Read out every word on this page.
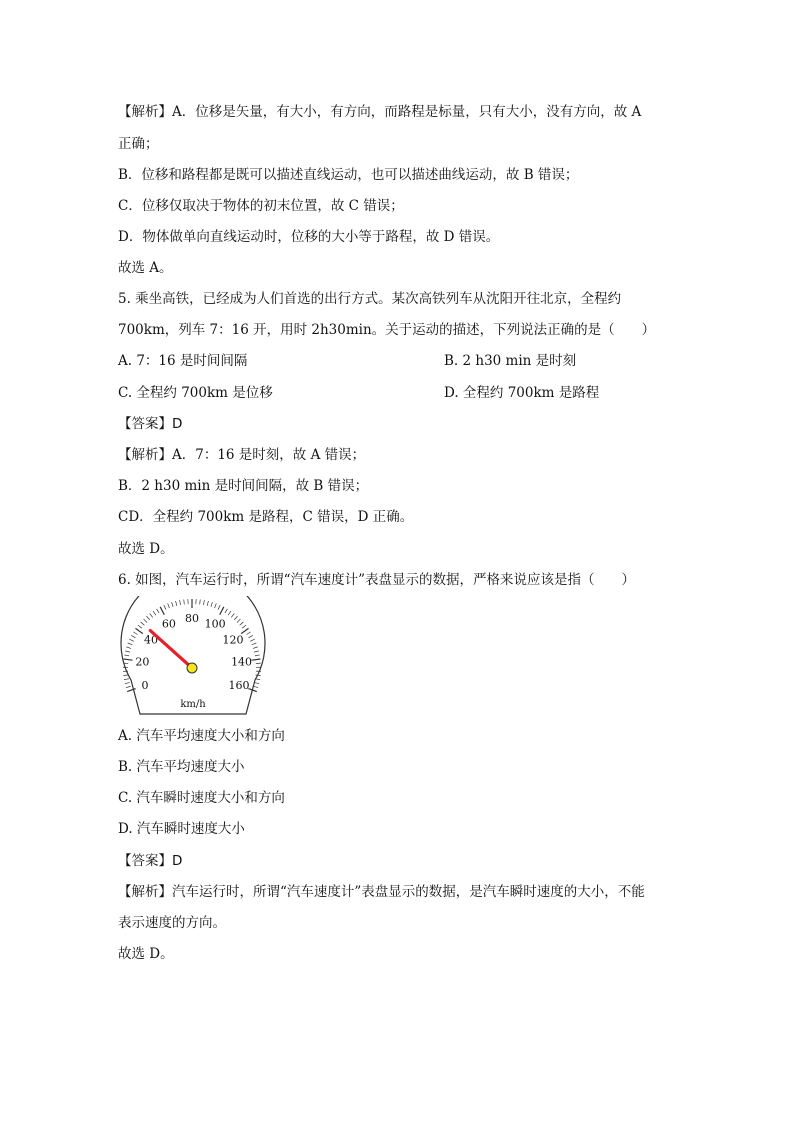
【解析】A．位移是矢量，有大小，有方向，而路程是标量，只有大小，没有方向，故 A
正确；
B．位移和路程都是既可以描述直线运动，也可以描述曲线运动，故 B 错误；
C．位移仅取决于物体的初末位置，故 C 错误；
D．物体做单向直线运动时，位移的大小等于路程，故 D 错误。
故选 A。
5. 乘坐高铁，已经成为人们首选的出行方式。某次高铁列车从沈阳开往北京，全程约
700km，列车 7：16 开，用时 2h30min。关于运动的描述，下列说法正确的是（　　）
A. 7：16 是时间间隔	B. 2 h30 min 是时刻
C. 全程约 700km 是位移	D. 全程约 700km 是路程
【答案】D
【解析】A．7：16 是时刻，故 A 错误；
B．2 h30 min 是时间间隔，故 B 错误；
CD．全程约 700km 是路程，C 错误，D 正确。
故选 D。
6. 如图，汽车运行时，所谓“汽车速度计”表盘显示的数据，严格来说应该是指（　　）
0
20
40
60 80 100
120
140
160
km/h
A. 汽车平均速度大小和方向
B. 汽车平均速度大小
C. 汽车瞬时速度大小和方向
D. 汽车瞬时速度大小
【答案】D
【解析】汽车运行时，所谓“汽车速度计”表盘显示的数据，是汽车瞬时速度的大小，不能
表示速度的方向。
故选 D。
